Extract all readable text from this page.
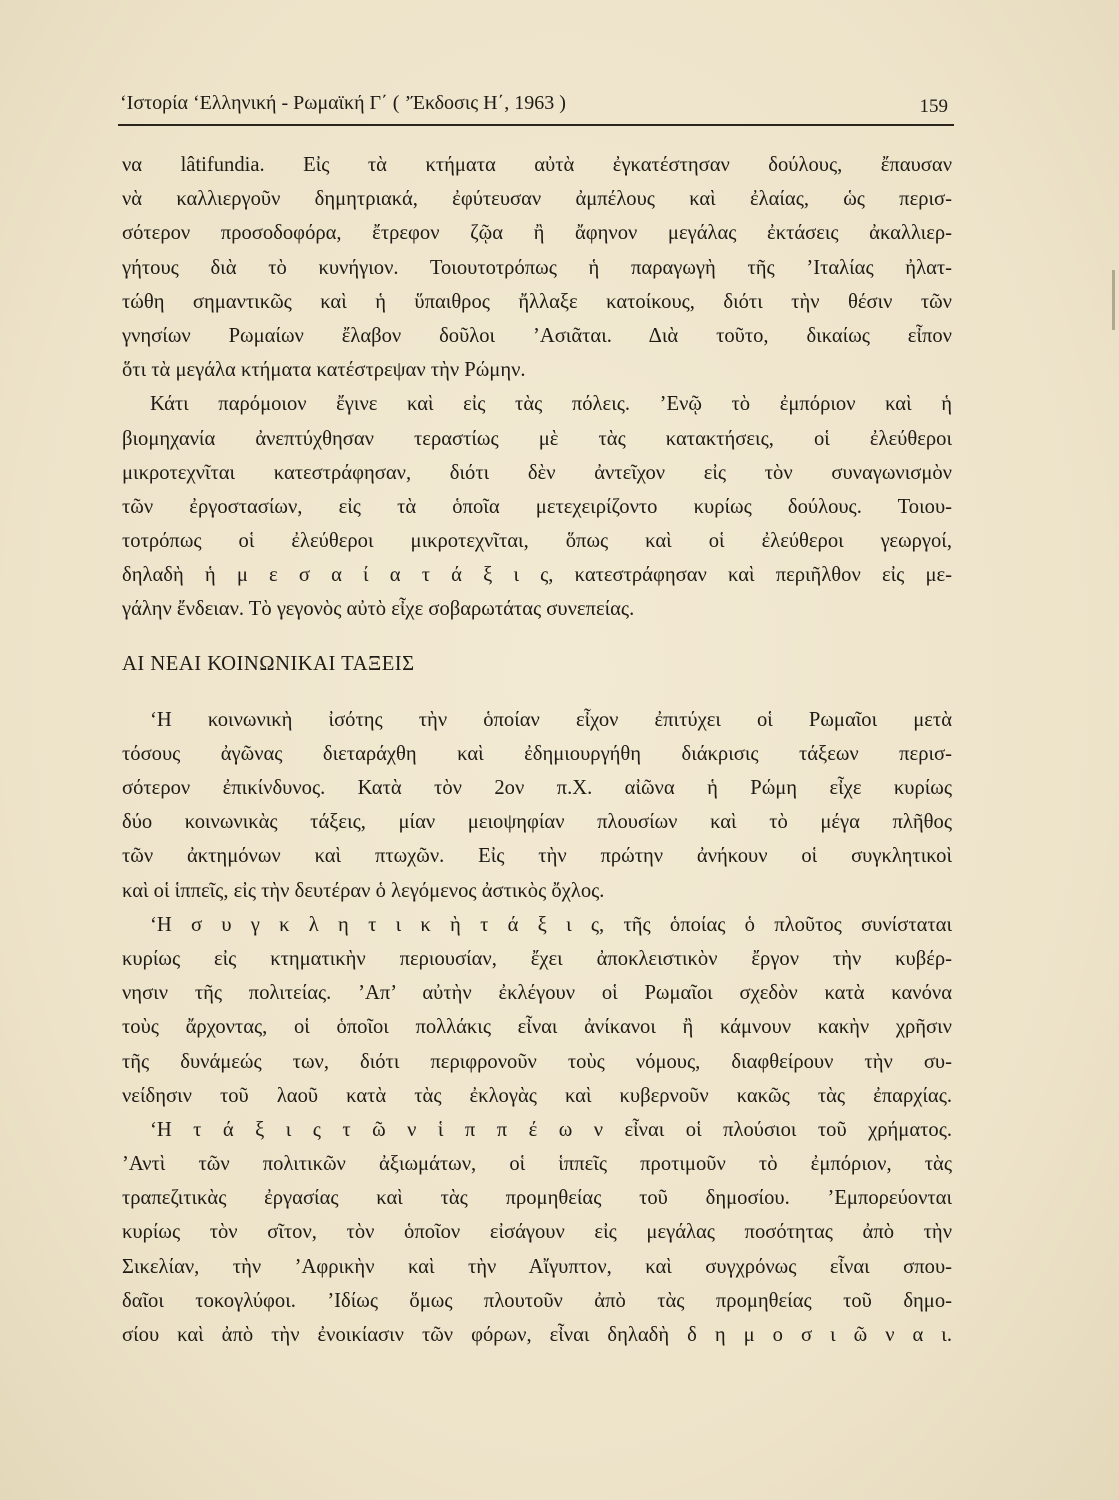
‘Ιστορία ‘Ελληνική - Ρωμαϊκή Γ΄ ( ’Έκδοσις Η΄, 1963 )	159
να lâtifundia. Εἰς τὰ κτήματα αὐτὰ ἐγκατέστησαν δούλους, ἔπαυσαν
νὰ καλλιεργοῦν δημητριακά, ἐφύτευσαν ἀμπέλους καὶ ἐλαίας, ὡς περισ-
σότερον προσοδοφόρα, ἔτρεφον ζῷα ἢ ἄφηνον μεγάλας ἐκτάσεις ἀκαλλιερ-
γήτους διὰ τὸ κυνήγιον. Τοιουτοτρόπως ἡ παραγωγὴ τῆς ’Ιταλίας ἠλατ-
τώθη σημαντικῶς καὶ ἡ ὕπαιθρος ἤλλαξε κατοίκους, διότι τὴν θέσιν τῶν
γνησίων Ρωμαίων ἔλαβον δοῦλοι ’Ασιᾶται. Διὰ τοῦτο, δικαίως εἶπον
ὅτι τὰ μεγάλα κτήματα κατέστρεψαν τὴν Ρώμην.
Κάτι παρόμοιον ἔγινε καὶ εἰς τὰς πόλεις. ’Ενῷ τὸ ἐμπόριον καὶ ἡ
βιομηχανία ἀνεπτύχθησαν τεραστίως μὲ τὰς κατακτήσεις, οἱ ἐλεύθεροι
μικροτεχνῖται κατεστράφησαν, διότι δὲν ἀντεῖχον εἰς τὸν συναγωνισμὸν
τῶν ἐργοστασίων, εἰς τὰ ὁποῖα μετεχειρίζοντο κυρίως δούλους. Τοιου-
τοτρόπως οἱ ἐλεύθεροι μικροτεχνῖται, ὅπως καὶ οἱ ἐλεύθεροι γεωργοί,
δηλαδὴ ἡ μ ε σ α ί α τ ά ξ ι ς, κατεστράφησαν καὶ περιῆλθον εἰς με-
γάλην ἔνδειαν. Τὸ γεγονὸς αὐτὸ εἶχε σοβαρωτάτας συνεπείας.
ΑΙ ΝΕΑΙ ΚΟΙΝΩΝΙΚΑΙ ΤΑΞΕΙΣ
‘Η κοινωνικὴ ἰσότης τὴν ὁποίαν εἶχον ἐπιτύχει οἱ Ρωμαῖοι μετὰ
τόσους ἀγῶνας διεταράχθη καὶ ἐδημιουργήθη διάκρισις τάξεων περισ-
σότερον ἐπικίνδυνος. Κατὰ τὸν 2ον π.Χ. αἰῶνα ἡ Ρώμη εἶχε κυρίως
δύο κοινωνικὰς τάξεις, μίαν μειοψηφίαν πλουσίων καὶ τὸ μέγα πλῆθος
τῶν ἀκτημόνων καὶ πτωχῶν. Εἰς τὴν πρώτην ἀνήκουν οἱ συγκλητικοὶ
καὶ οἱ ἱππεῖς, εἰς τὴν δευτέραν ὁ λεγόμενος ἀστικὸς ὄχλος.
‘Η σ υ γ κ λ η τ ι κ ὴ τ ά ξ ι ς, τῆς ὁποίας ὁ πλοῦτος συνίσταται
κυρίως εἰς κτηματικὴν περιουσίαν, ἔχει ἀποκλειστικὸν ἔργον τὴν κυβέρ-
νησιν τῆς πολιτείας. ’Απ’ αὐτὴν ἐκλέγουν οἱ Ρωμαῖοι σχεδὸν κατὰ κανόνα
τοὺς ἄρχοντας, οἱ ὁποῖοι πολλάκις εἶναι ἀνίκανοι ἢ κάμνουν κακὴν χρῆσιν
τῆς δυνάμεώς των, διότι περιφρονοῦν τοὺς νόμους, διαφθείρουν τὴν συ-
νείδησιν τοῦ λαοῦ κατὰ τὰς ἐκλογὰς καὶ κυβερνοῦν κακῶς τὰς ἐπαρχίας.
‘Η τ ά ξ ι ς τ ῶ ν ἱ π π έ ω ν εἶναι οἱ πλούσιοι τοῦ χρήματος.
’Αντὶ τῶν πολιτικῶν ἀξιωμάτων, οἱ ἱππεῖς προτιμοῦν τὸ ἐμπόριον, τὰς
τραπεζιτικὰς ἐργασίας καὶ τὰς προμηθείας τοῦ δημοσίου. ’Εμπορεύονται
κυρίως τὸν σῖτον, τὸν ὁποῖον εἰσάγουν εἰς μεγάλας ποσότητας ἀπὸ τὴν
Σικελίαν, τὴν ’Αφρικὴν καὶ τὴν Αἴγυπτον, καὶ συγχρόνως εἶναι σπου-
δαῖοι τοκογλύφοι. ’Ιδίως ὅμως πλουτοῦν ἀπὸ τὰς προμηθείας τοῦ δημο-
σίου καὶ ἀπὸ τὴν ἐνοικίασιν τῶν φόρων, εἶναι δηλαδὴ δ η μ ο σ ι ῶ ν α ι.
